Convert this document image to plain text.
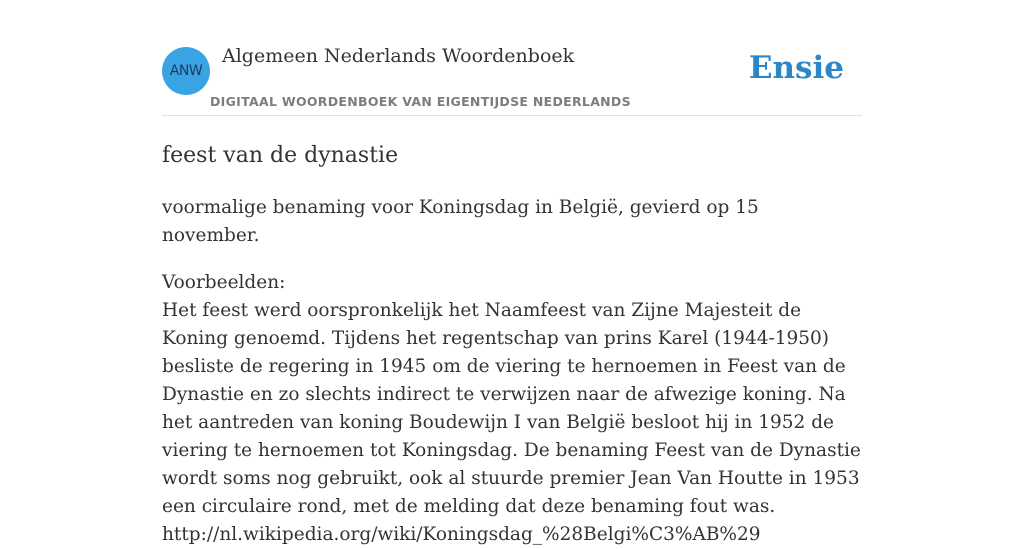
ANW
Algemeen Nederlands Woordenboek
DIGITAAL WOORDENBOEK VAN EIGENTIJDSE NEDERLANDS
Ensie
feest van de dynastie

voormalige benaming voor Koningsdag in België, gevierd op 15 november.

Voorbeelden:
Het feest werd oorspronkelijk het Naamfeest van Zijne Majesteit de Koning genoemd. Tijdens het regentschap van prins Karel (1944-1950) besliste de regering in 1945 om de viering te hernoemen in Feest van de Dynastie en zo slechts indirect te verwijzen naar de afwezige koning. Na het aantreden van koning Boudewijn I van België besloot hij in 1952 de viering te hernoemen tot Koningsdag. De benaming Feest van de Dynastie wordt soms nog gebruikt, ook al stuurde premier Jean Van Houtte in 1953 een circulaire rond, met de melding dat deze benaming fout was.
http://nl.wikipedia.org/wiki/Koningsdag_%28Belgi%C3%AB%29
